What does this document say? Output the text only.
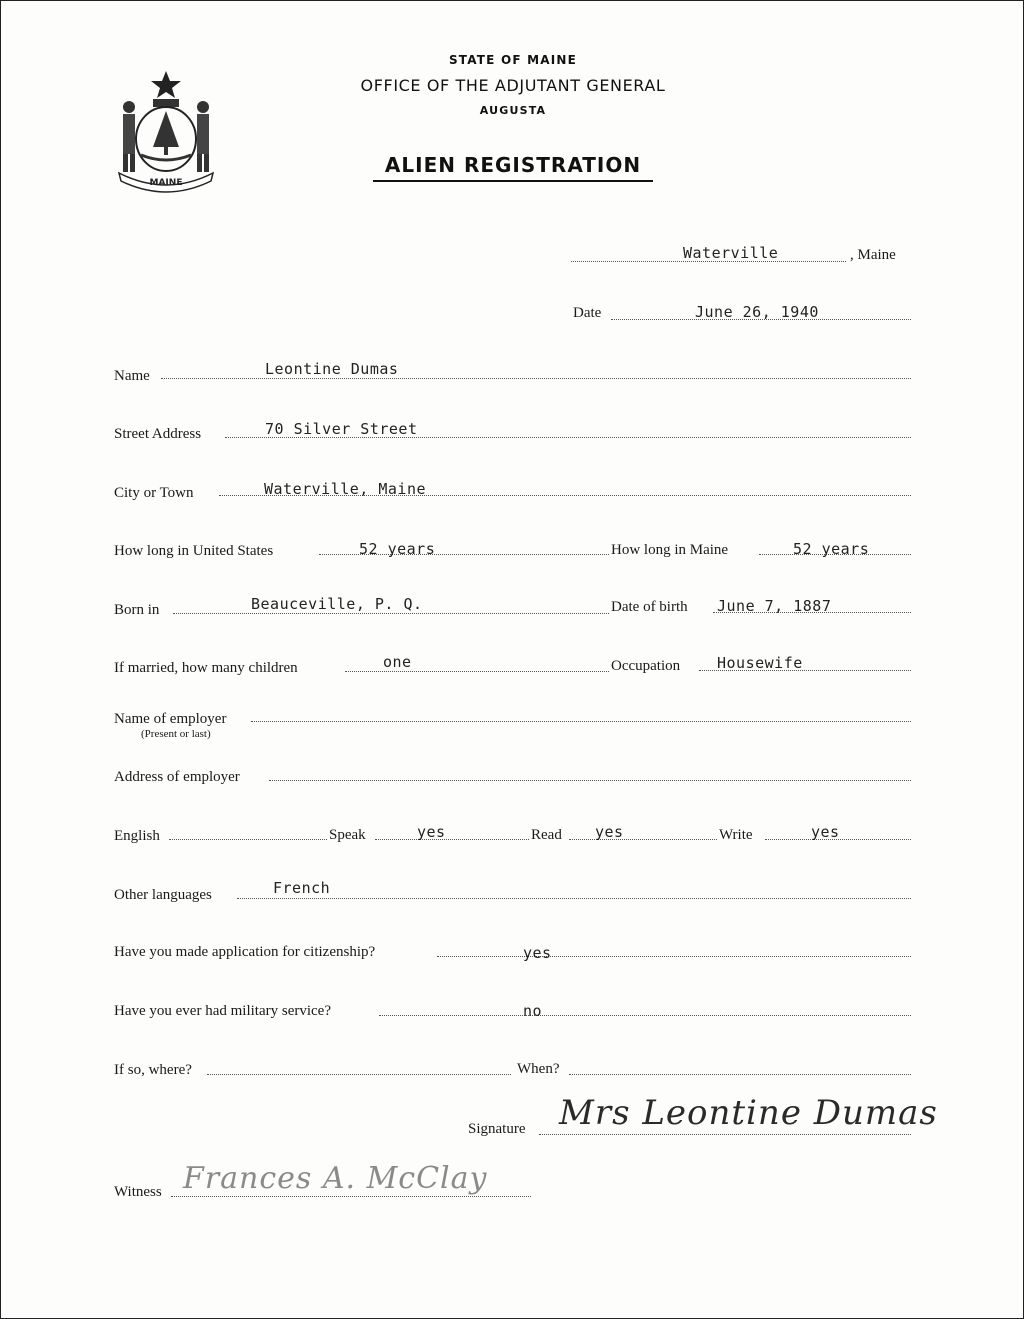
MAINE
STATE OF MAINE
OFFICE OF THE ADJUTANT GENERAL
AUGUSTA
ALIEN REGISTRATION
Waterville	, Maine
Date	June 26, 1940
Name	Leontine Dumas
Street Address	70 Silver Street
City or Town	Waterville, Maine
How long in United States	52 years	How long in Maine	52 years
Born in	Beauceville, P. Q.	Date of birth June 7, 1887
If married, how many children	one	Occupation Housewife
Name of employer
(Present or last)
Address of employer
English	Speak	yes	Read yes	Write	yes
Other languages	French
Have you made application for citizenship?	yes
Have you ever had military service?	no
If so, where?	When?
Signature Mrs Leontine Dumas
Witness Frances A. McClay
